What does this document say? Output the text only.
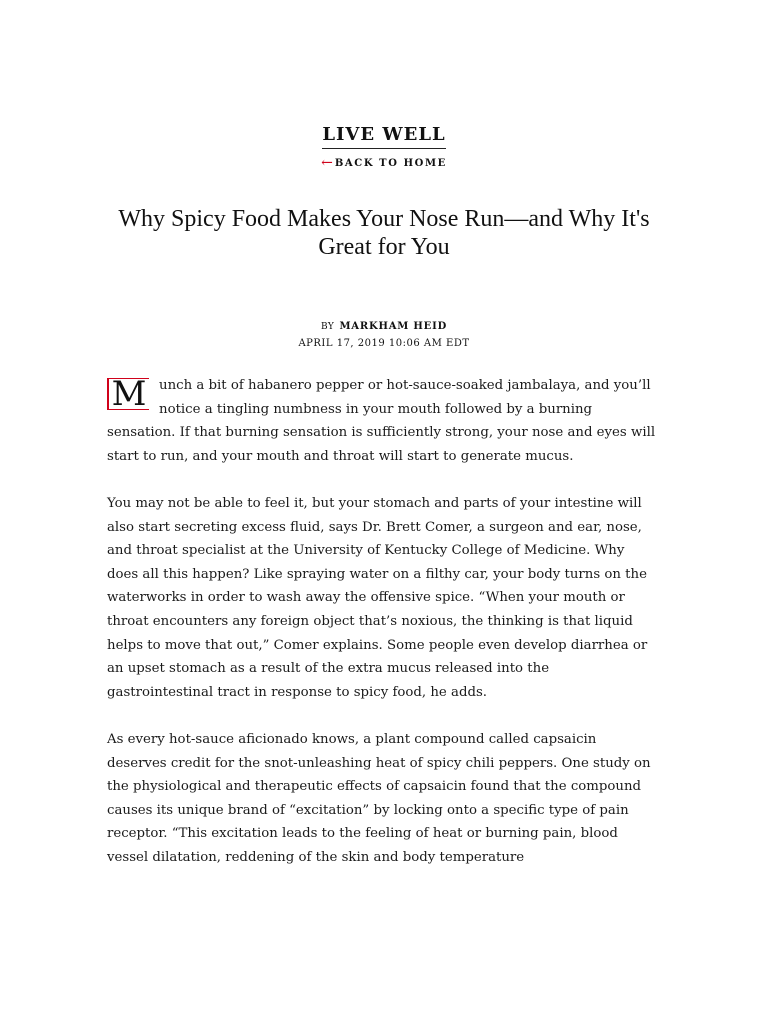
LIVE WELL
← BACK TO HOME
Why Spicy Food Makes Your Nose Run—and Why It's Great for You
BY MARKHAM HEID
APRIL 17, 2019 10:06 AM EDT

M unch a bit of habanero pepper or hot-sauce-soaked jambalaya, and you’ll notice a tingling numbness in your mouth followed by a burning sensation. If that burning sensation is sufficiently strong, your nose and eyes will start to run, and your mouth and throat will start to generate mucus.

You may not be able to feel it, but your stomach and parts of your intestine will also start secreting excess fluid, says Dr. Brett Comer, a surgeon and ear, nose, and throat specialist at the University of Kentucky College of Medicine. Why does all this happen? Like spraying water on a filthy car, your body turns on the waterworks in order to wash away the offensive spice. “When your mouth or throat encounters any foreign object that’s noxious, the thinking is that liquid helps to move that out,” Comer explains. Some people even develop diarrhea or an upset stomach as a result of the extra mucus released into the gastrointestinal tract in response to spicy food, he adds.

As every hot-sauce aficionado knows, a plant compound called capsaicin deserves credit for the snot-unleashing heat of spicy chili peppers. One study on the physiological and therapeutic effects of capsaicin found that the compound causes its unique brand of “excitation” by locking onto a specific type of pain receptor. “This excitation leads to the feeling of heat or burning pain, blood vessel dilatation, reddening of the skin and body temperature
